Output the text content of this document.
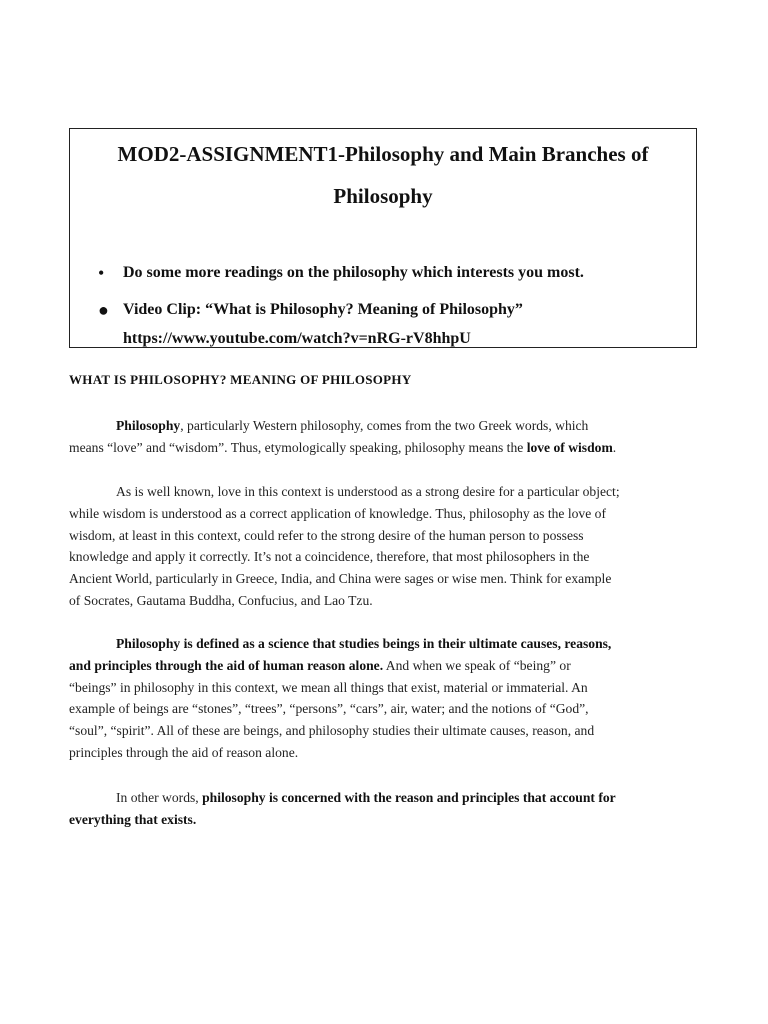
MOD2-ASSIGNMENT1-Philosophy and Main Branches of
Philosophy
• Do some more readings on the philosophy which interests you most.
● Video Clip: “What is Philosophy? Meaning of Philosophy”
https://www.youtube.com/watch?v=nRG-rV8hhpU
WHAT IS PHILOSOPHY? MEANING OF PHILOSOPHY
Philosophy, particularly Western philosophy, comes from the two Greek words, which
means “love” and “wisdom”. Thus, etymologically speaking, philosophy means the love of wisdom.
As is well known, love in this context is understood as a strong desire for a particular object;
while wisdom is understood as a correct application of knowledge. Thus, philosophy as the love of
wisdom, at least in this context, could refer to the strong desire of the human person to possess
knowledge and apply it correctly. It’s not a coincidence, therefore, that most philosophers in the
Ancient World, particularly in Greece, India, and China were sages or wise men. Think for example
of Socrates, Gautama Buddha, Confucius, and Lao Tzu.
Philosophy is defined as a science that studies beings in their ultimate causes, reasons,
and principles through the aid of human reason alone. And when we speak of “being” or
“beings” in philosophy in this context, we mean all things that exist, material or immaterial. An
example of beings are “stones”, “trees”, “persons”, “cars”, air, water; and the notions of “God”,
“soul”, “spirit”. All of these are beings, and philosophy studies their ultimate causes, reason, and
principles through the aid of reason alone.
In other words, philosophy is concerned with the reason and principles that account for
everything that exists.
